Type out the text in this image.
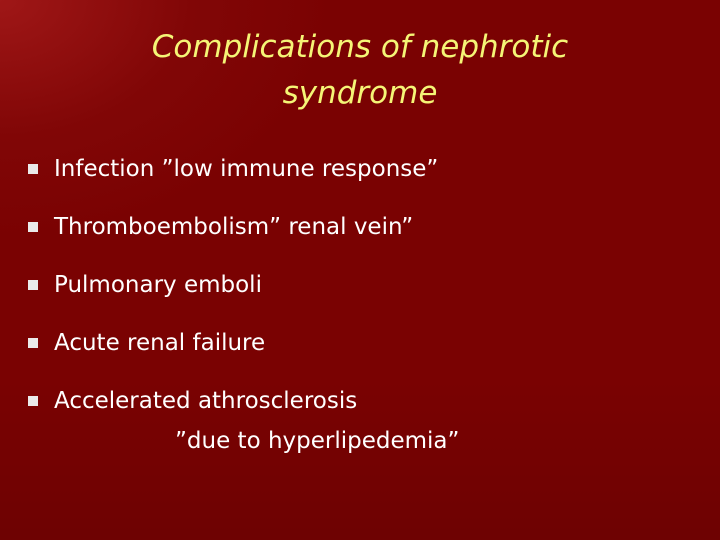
Complications of nephrotic
syndrome
Infection ”low immune response”
Thromboembolism” renal vein”
Pulmonary emboli
Acute renal failure
Accelerated athrosclerosis
”due to hyperlipedemia”
